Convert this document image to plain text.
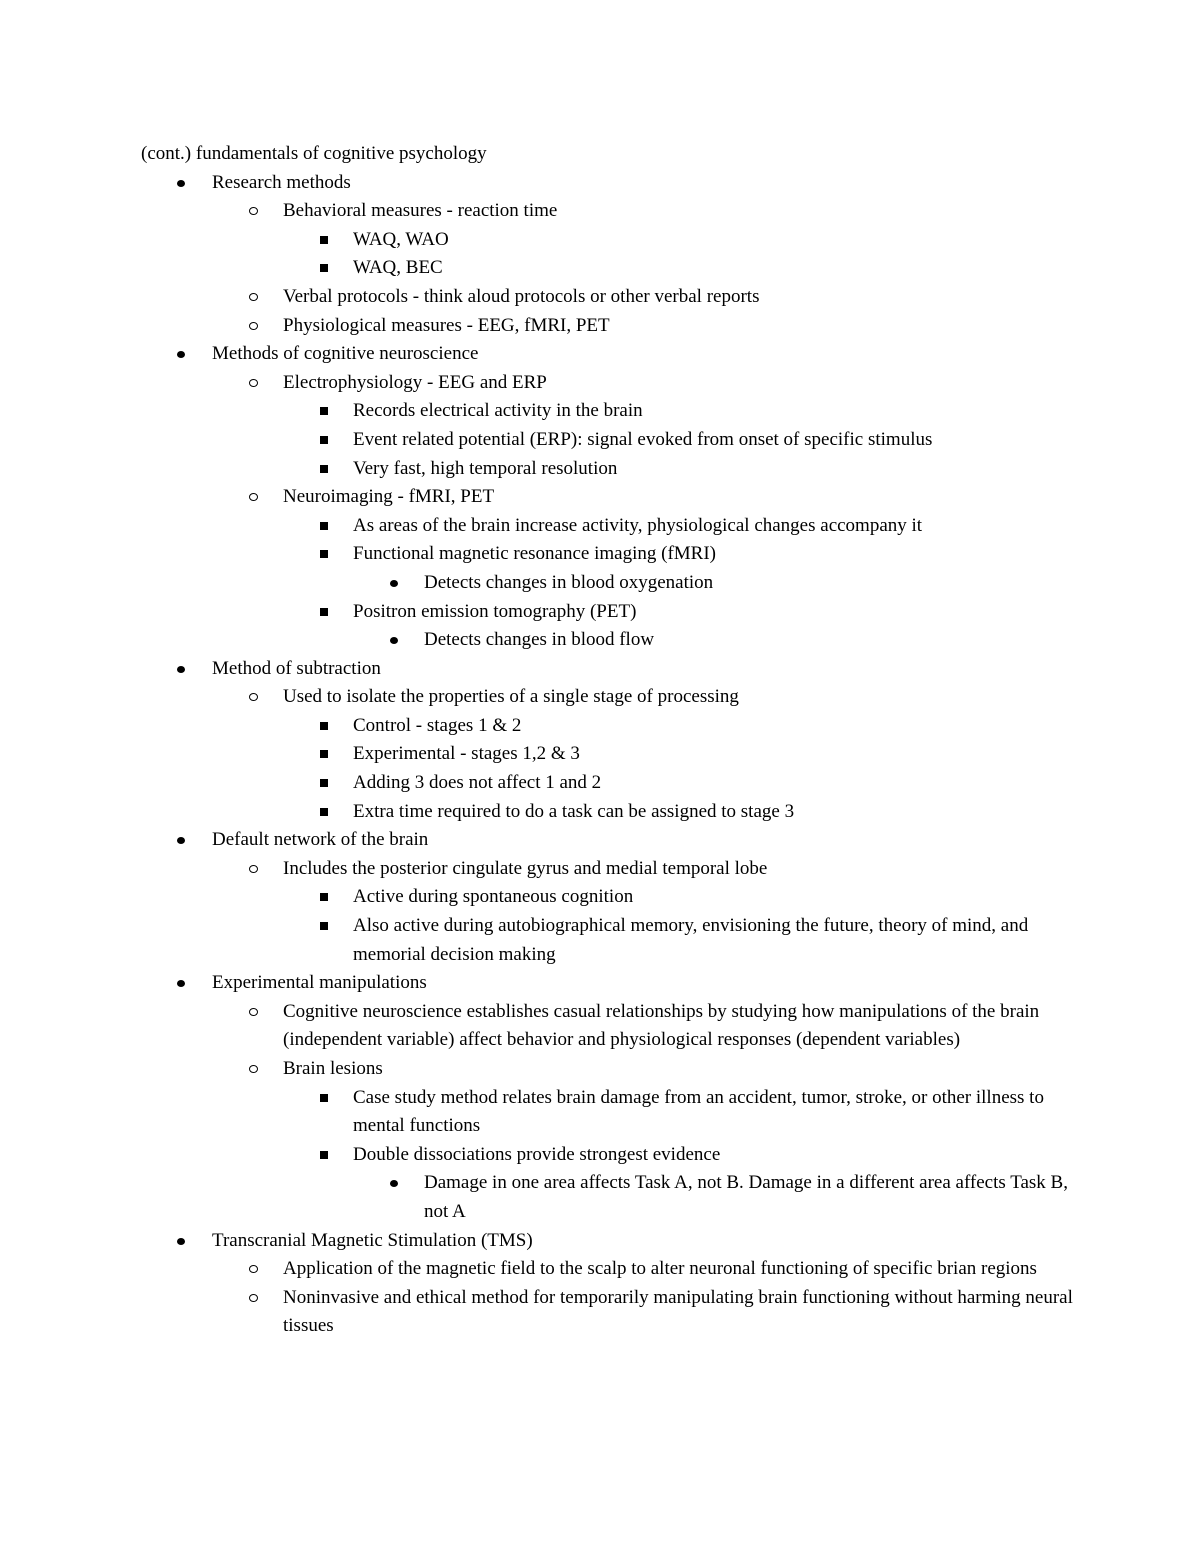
(cont.) fundamentals of cognitive psychology
Research methods
Behavioral measures - reaction time
WAQ, WAO
WAQ, BEC
Verbal protocols - think aloud protocols or other verbal reports
Physiological measures - EEG, fMRI, PET
Methods of cognitive neuroscience
Electrophysiology - EEG and ERP
Records electrical activity in the brain
Event related potential (ERP): signal evoked from onset of specific stimulus
Very fast, high temporal resolution
Neuroimaging - fMRI, PET
As areas of the brain increase activity, physiological changes accompany it
Functional magnetic resonance imaging (fMRI)
Detects changes in blood oxygenation
Positron emission tomography (PET)
Detects changes in blood flow
Method of subtraction
Used to isolate the properties of a single stage of processing
Control - stages 1 & 2
Experimental - stages 1,2 & 3
Adding 3 does not affect 1 and 2
Extra time required to do a task can be assigned to stage 3
Default network of the brain
Includes the posterior cingulate gyrus and medial temporal lobe
Active during spontaneous cognition
Also active during autobiographical memory, envisioning the future, theory of mind, and memorial decision making
Experimental manipulations
Cognitive neuroscience establishes casual relationships by studying how manipulations of the brain (independent variable) affect behavior and physiological responses (dependent variables)
Brain lesions
Case study method relates brain damage from an accident, tumor, stroke, or other illness to mental functions
Double dissociations provide strongest evidence
Damage in one area affects Task A, not B. Damage in a different area affects Task B, not A
Transcranial Magnetic Stimulation (TMS)
Application of the magnetic field to the scalp to alter neuronal functioning of specific brian regions
Noninvasive and ethical method for temporarily manipulating brain functioning without harming neural tissues
